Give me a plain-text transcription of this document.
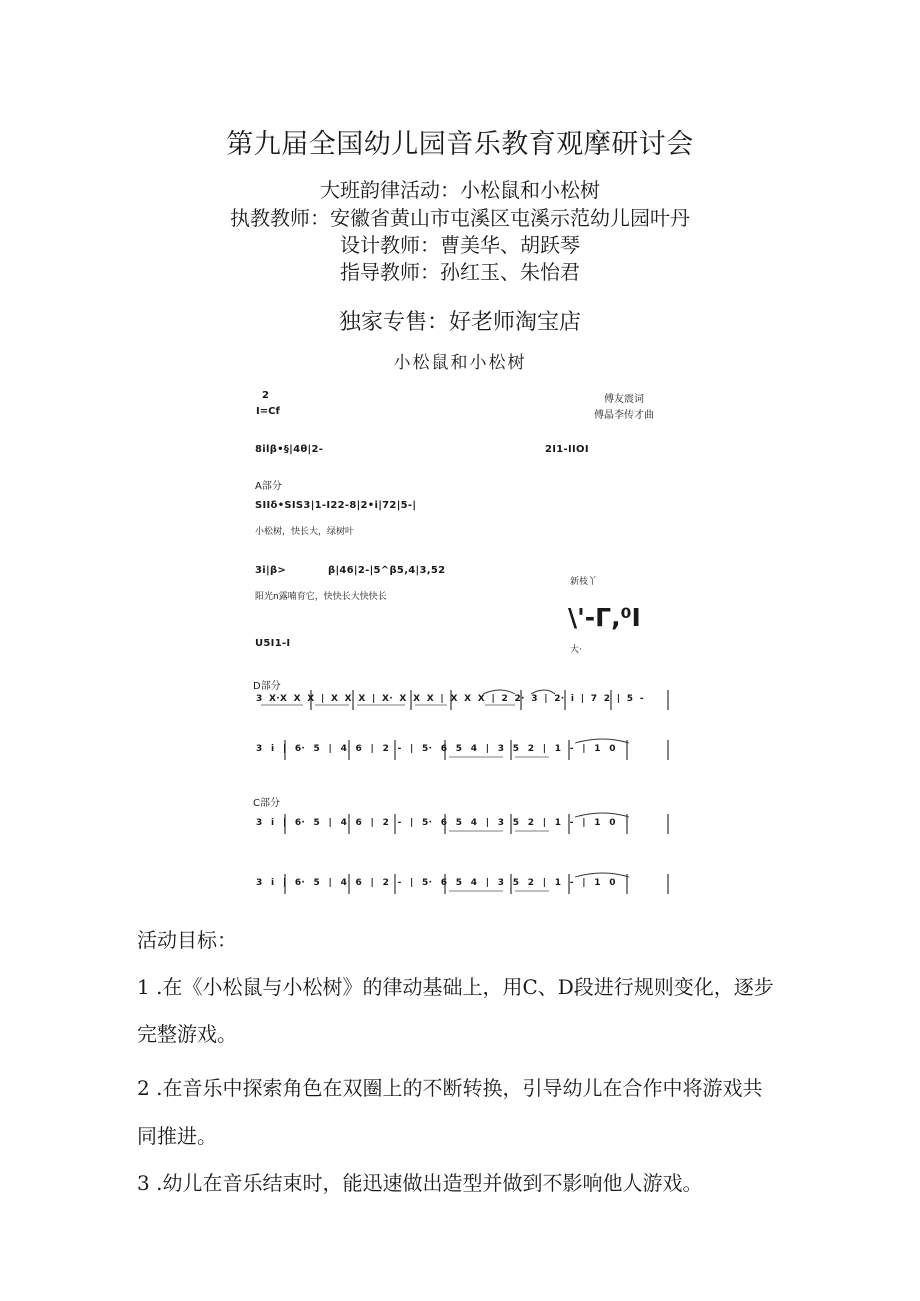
第九届全国幼儿园音乐教育观摩研讨会
大班韵律活动：小松鼠和小松树
执教教师：安徽省黄山市屯溪区屯溪示范幼儿园叶丹
设计教师：曹美华、胡跃琴
指导教师：孙红玉、朱怡君
独家专售：好老师淘宝店
小松鼠和小松树
2
I=Cf
傅友震词
傅晶李传才曲
8ilβ•§|4θ|2-	2I1-IIOI
A部分
SIIδ•SIS3|1-I22-8|2•i|72|5-|
小松树，快长大，绿树叶
3i|β>	β|46|2-|5^β5,4|3,52
阳光n露喃育它，快快长大快快长
新枝丫
\'-Γ,⁰I
大·
U5I1-I
D部分
3 X·X X X | X X X | X· X X X | X X X | 2 2· 3 | 2· i | 7 2 | 5 -
3 i | 6· 5 | 4 6 | 2 - | 5· 6 5 4 | 3 5 2 | 1 - | 1 0
C部分
3 i | 6· 5 | 4 6 | 2 - | 5· 6 5 4 | 3 5 2 | 1 - | 1 0
3 i | 6· 5 | 4 6 | 2 - | 5· 6 5 4 | 3 5 2 | 1 - | 1 0
活动目标：
1 .在《小松鼠与小松树》的律动基础上，用C、D段进行规则变化，逐步
完整游戏。
2 .在音乐中探索角色在双圈上的不断转换，引导幼儿在合作中将游戏共
同推进。
3 .幼儿在音乐结束时，能迅速做出造型并做到不影响他人游戏。
